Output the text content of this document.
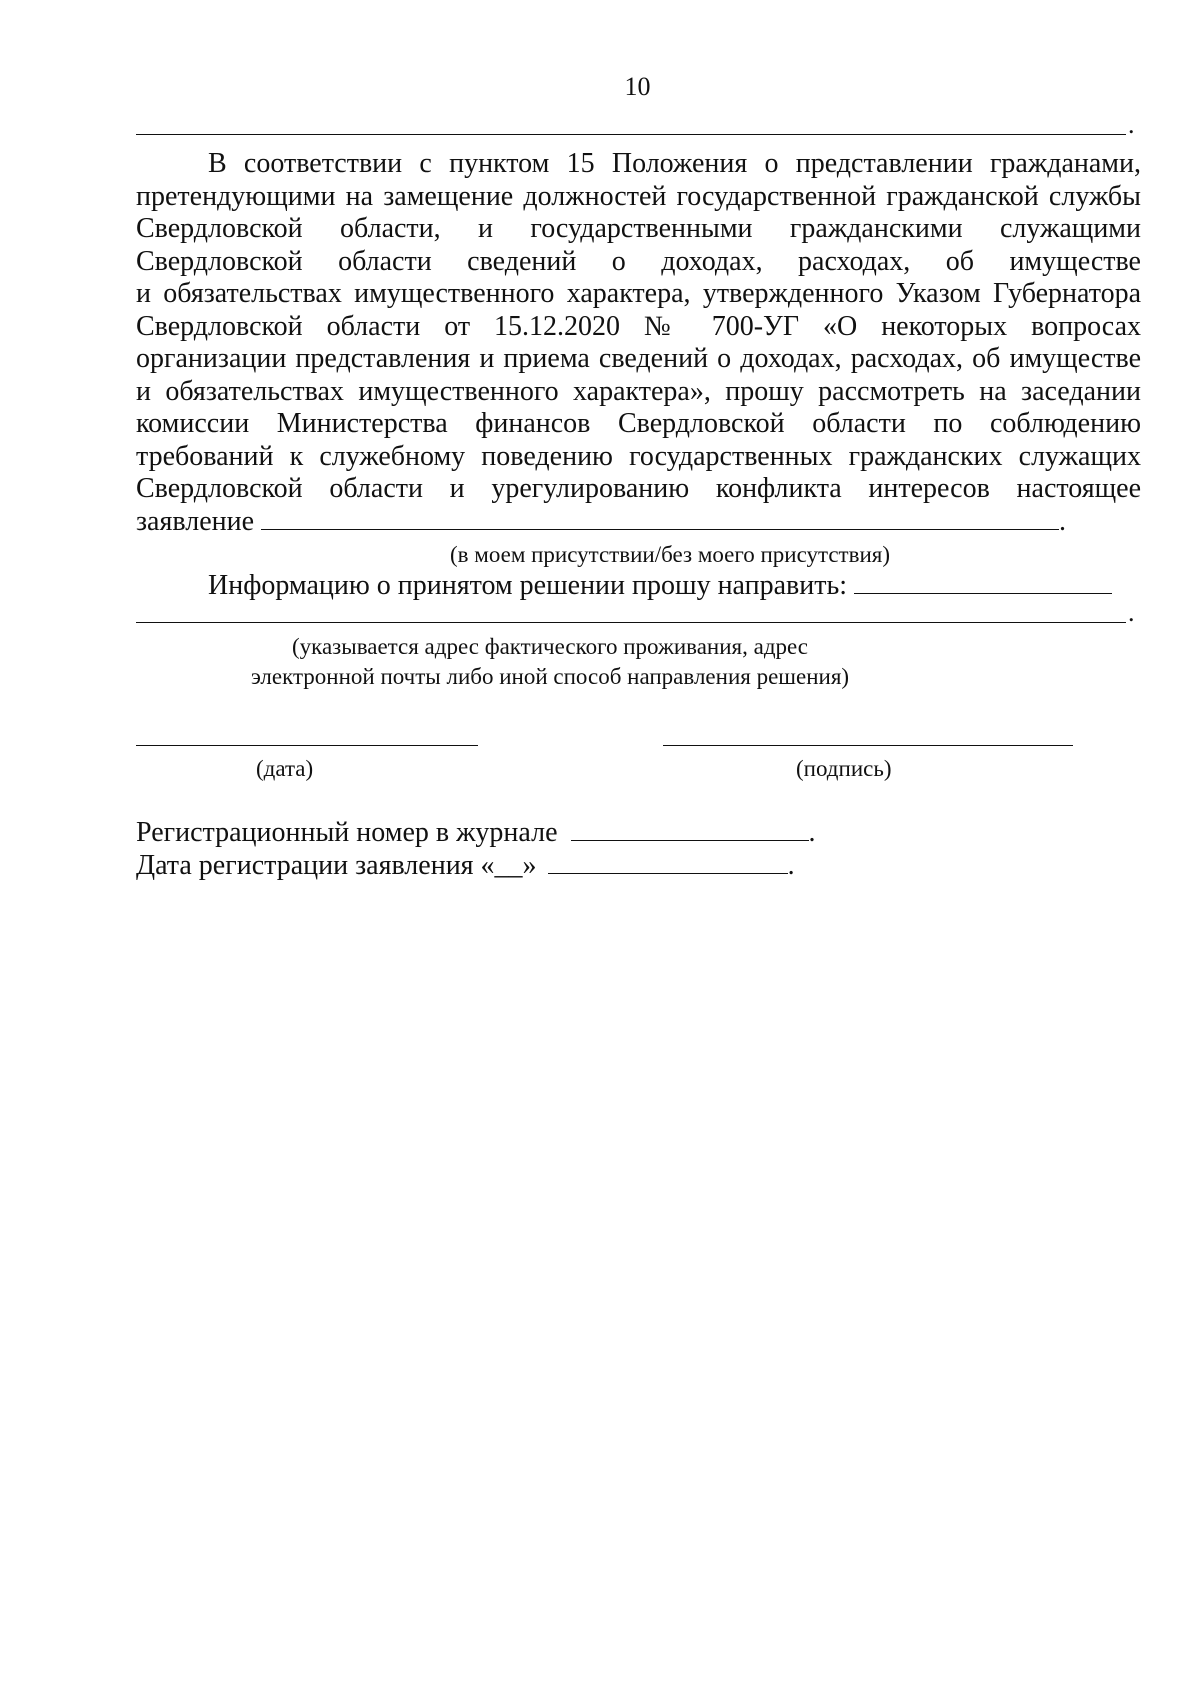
10
.
В соответствии с пунктом 15 Положения о представлении гражданами,
претендующими на замещение должностей государственной гражданской службы
Свердловской области, и государственными гражданскими служащими
Свердловской области сведений о доходах, расходах, об имуществе
и обязательствах имущественного характера, утвержденного Указом Губернатора
Свердловской области от 15.12.2020 № 700-УГ «О некоторых вопросах
организации представления и приема сведений о доходах, расходах, об имуществе
и обязательствах имущественного характера», прошу рассмотреть на заседании
комиссии Министерства финансов Свердловской области по соблюдению
требований к служебному поведению государственных гражданских служащих
Свердловской области и урегулированию конфликта интересов настоящее
заявление	.
(в моем присутствии/без моего присутствия)
Информацию о принятом решении прошу направить:
.
(указывается адрес фактического проживания, адрес
электронной почты либо иной способ направления решения)
(дата)	(подпись)
Регистрационный номер в журнале	.
Дата регистрации заявления «__»	.
